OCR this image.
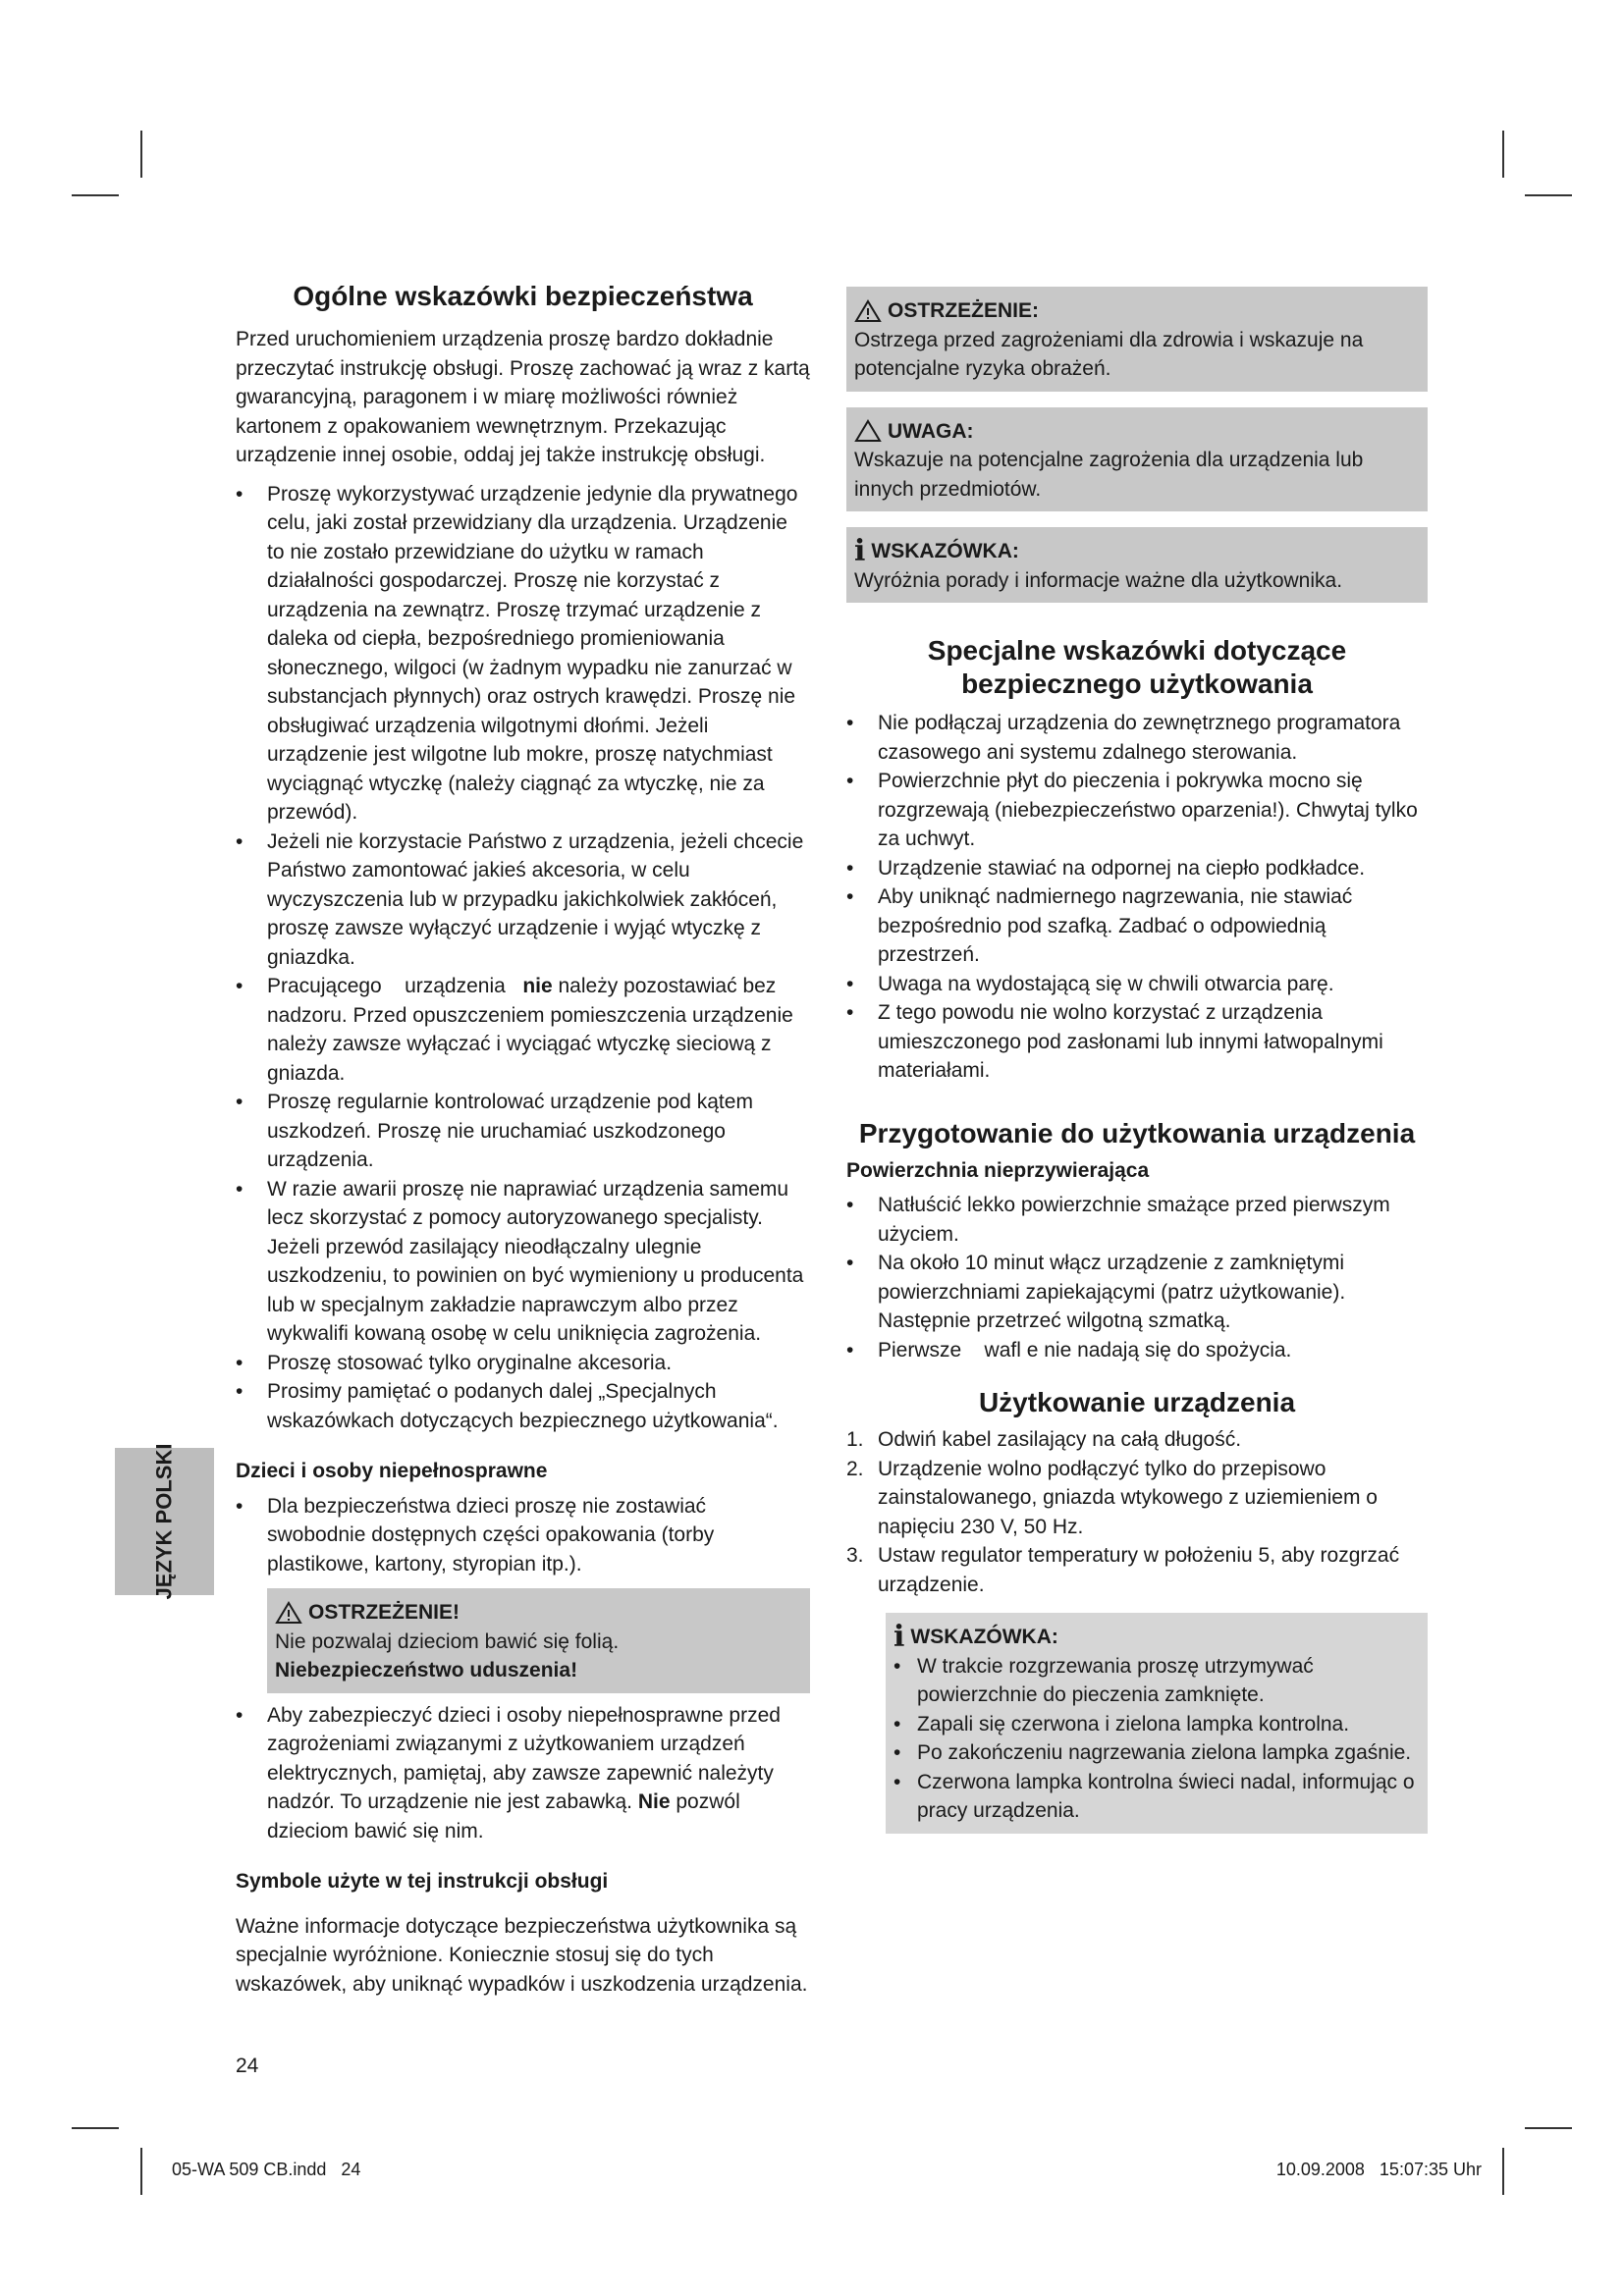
JĘZYK POLSKI
Ogólne wskazówki bezpieczeństwa

Przed uruchomieniem urządzenia proszę bardzo dokładnie przeczytać instrukcję obsługi. Proszę zachować ją wraz z kartą gwarancyjną, paragonem i w miarę możliwości również kartonem z opakowaniem wewnętrznym. Przekazując urządzenie innej osobie, oddaj jej także instrukcję obsługi.

• Proszę wykorzystywać urządzenie jedynie dla prywatnego celu, jaki został przewidziany dla urządzenia. Urządzenie to nie zostało przewidziane do użytku w ramach działalności gospodarczej. Proszę nie korzystać z urządzenia na zewnątrz. Proszę trzymać urządzenie z daleka od ciepła, bezpośredniego promieniowania słonecznego, wilgoci (w żadnym wypadku nie zanurzać w substancjach płynnych) oraz ostrych krawędzi. Proszę nie obsługiwać urządzenia wilgotnymi dłońmi. Jeżeli urządzenie jest wilgotne lub mokre, proszę natychmiast wyciągnąć wtyczkę (należy ciągnąć za wtyczkę, nie za przewód).
• Jeżeli nie korzystacie Państwo z urządzenia, jeżeli chcecie Państwo zamontować jakieś akcesoria, w celu wyczyszczenia lub w przypadku jakichkolwiek zakłóceń, proszę zawsze wyłączyć urządzenie i wyjąć wtyczkę z gniazdka.
• Pracującego    urządzenia   nie należy pozostawiać bez nadzoru. Przed opuszczeniem pomieszczenia urządzenie należy zawsze wyłączać i wyciągać wtyczkę sieciową z gniazda.
• Proszę regularnie kontrolować urządzenie pod kątem uszkodzeń. Proszę nie uruchamiać uszkodzonego urządzenia.
• W razie awarii proszę nie naprawiać urządzenia samemu lecz skorzystać z pomocy autoryzowanego specjalisty. Jeżeli przewód zasilający nieodłączalny ulegnie uszkodzeniu, to powinien on być wymieniony u producenta lub w specjalnym zakładzie naprawczym albo przez wykwalifi kowaną osobę w celu uniknięcia zagrożenia.
• Proszę stosować tylko oryginalne akcesoria.
• Prosimy pamiętać o podanych dalej „Specjalnych wskazówkach dotyczących bezpiecznego użytkowania“.
Dzieci i osoby niepełnosprawne
• Dla bezpieczeństwa dzieci proszę nie zostawiać swobodnie dostępnych części opakowania (torby plastikowe, kartony, styropian itp.).
OSTRZEŻENIE!

Nie pozwalaj dzieciom bawić się folią.

Niebezpieczeństwo uduszenia!

• Aby zabezpieczyć dzieci i osoby niepełnosprawne przed zagrożeniami związanymi z użytkowaniem urządzeń elektrycznych, pamiętaj, aby zawsze zapewnić należyty nadzór. To urządzenie nie jest zabawką. Nie pozwól dzieciom bawić się nim.
Symbole użyte w tej instrukcji obsługi

Ważne informacje dotyczące bezpieczeństwa użytkownika są specjalnie wyróżnione. Koniecznie stosuj się do tych wskazówek, aby uniknąć wypadków i uszkodzenia urządzenia.

OSTRZEŻENIE:

Ostrzega przed zagrożeniami dla zdrowia i wskazuje na potencjalne ryzyka obrażeń.

UWAGA:

Wskazuje na potencjalne zagrożenia dla urządzenia lub innych przedmiotów.

i WSKAZÓWKA:

Wyróżnia porady i informacje ważne dla użytkownika.

Specjalne wskazówki dotyczące bezpiecznego użytkowania
• Nie podłączaj urządzenia do zewnętrznego programatora czasowego ani systemu zdalnego sterowania.
• Powierzchnie płyt do pieczenia i pokrywka mocno się rozgrzewają (niebezpieczeństwo oparzenia!). Chwytaj tylko za uchwyt.
• Urządzenie stawiać na odpornej na ciepło podkładce.
• Aby uniknąć nadmiernego nagrzewania, nie stawiać bezpośrednio pod szafką. Zadbać o odpowiednią przestrzeń.
• Uwaga na wydostającą się w chwili otwarcia parę.
• Z tego powodu nie wolno korzystać z urządzenia umieszczonego pod zasłonami lub innymi łatwopalnymi materiałami.
Przygotowanie do użytkowania urządzenia
Powierzchnia nieprzywierająca
• Natłuścić lekko powierzchnie smażące przed pierwszym użyciem.
• Na około 10 minut włącz urządzenie z zamkniętymi powierzchniami zapiekającymi (patrz użytkowanie). Następnie przetrzeć wilgotną szmatką.
• Pierwsze    wafl e nie nadają się do spożycia.
Użytkowanie urządzenia
1. Odwiń kabel zasilający na całą długość.
2. Urządzenie wolno podłączyć tylko do przepisowo zainstalowanego, gniazda wtykowego z uziemieniem o napięciu 230 V, 50 Hz.
3. Ustaw regulator temperatury w położeniu 5, aby rozgrzać urządzenie.
i WSKAZÓWKA:
• W trakcie rozgrzewania proszę utrzymywać powierzchnie do pieczenia zamknięte.
• Zapali się czerwona i zielona lampka kontrolna.
• Po zakończeniu nagrzewania zielona lampka zgaśnie.
• Czerwona lampka kontrolna świeci nadal, informując o pracy urządzenia.
24
05-WA 509 CB.indd   24	10.09.2008   15:07:35 Uhr
